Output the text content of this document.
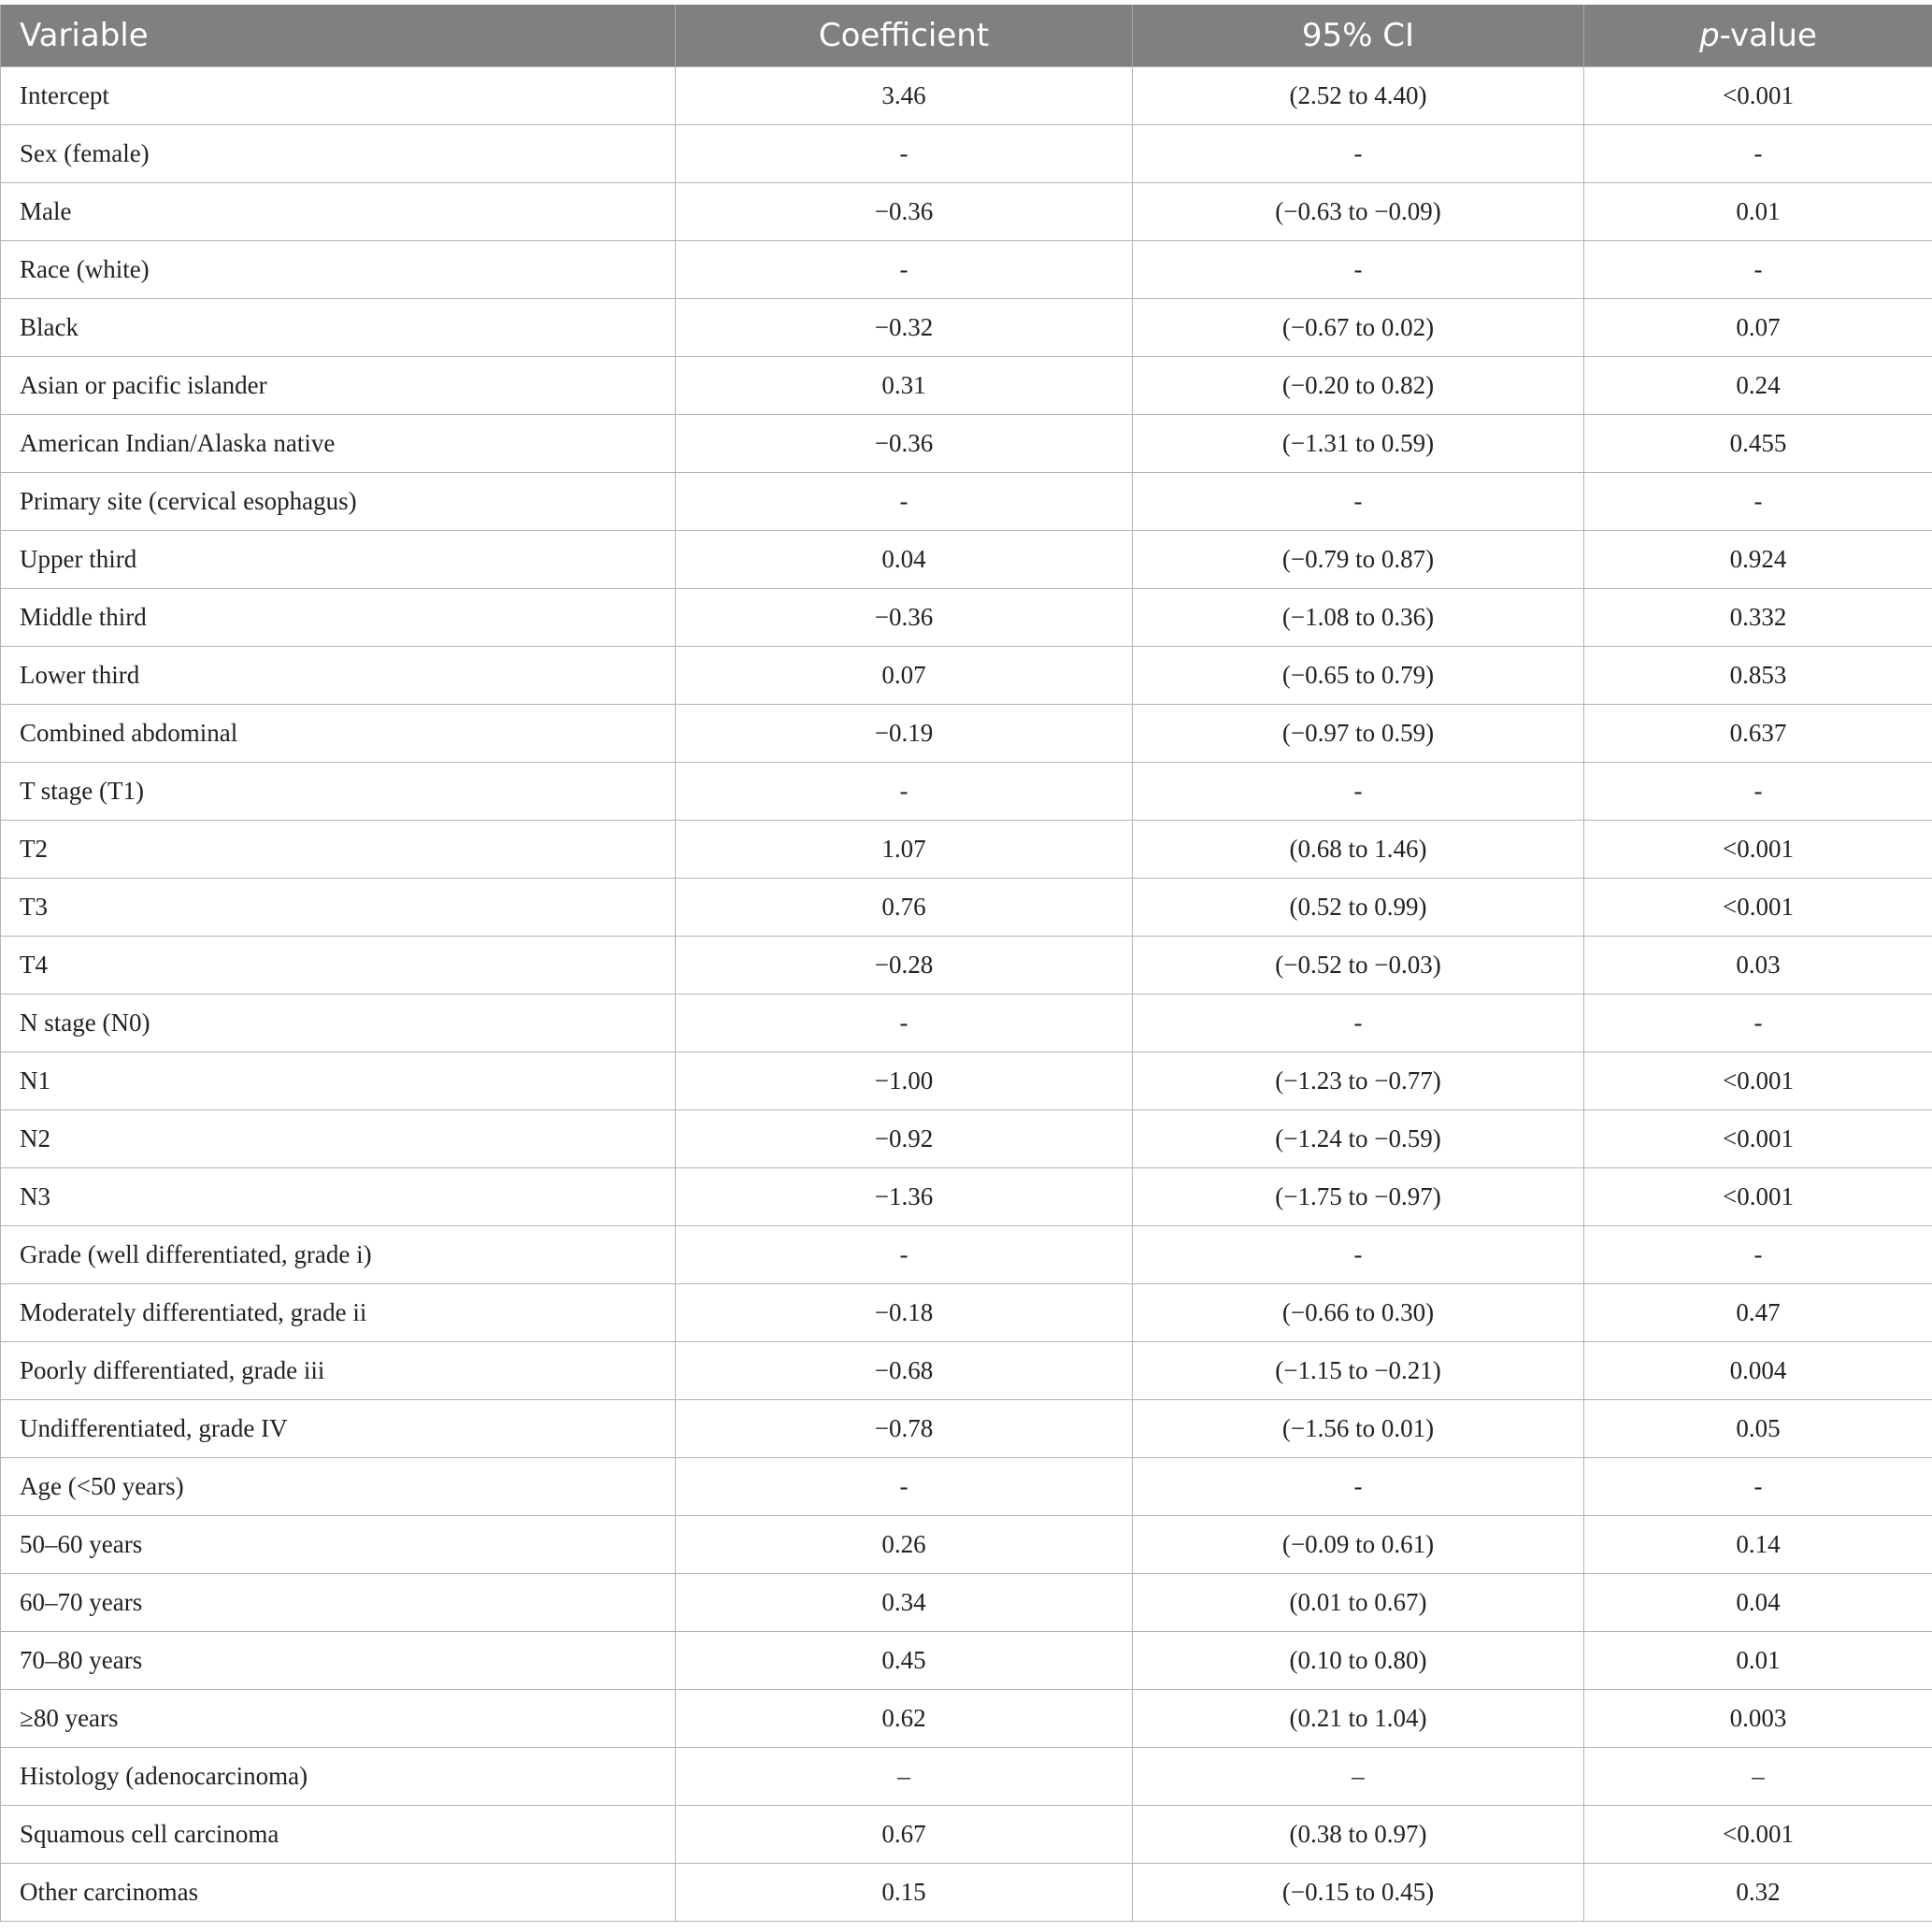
Variable	Coefficient	95% CI	p-value
Intercept	3.46	(2.52 to 4.40)	<0.001
Sex (female)	-	-	-
Male	−0.36	(−0.63 to −0.09)	0.01
Race (white)	-	-	-
Black	−0.32	(−0.67 to 0.02)	0.07
Asian or pacific islander	0.31	(−0.20 to 0.82)	0.24
American Indian/Alaska native	−0.36	(−1.31 to 0.59)	0.455
Primary site (cervical esophagus)	-	-	-
Upper third	0.04	(−0.79 to 0.87)	0.924
Middle third	−0.36	(−1.08 to 0.36)	0.332
Lower third	0.07	(−0.65 to 0.79)	0.853
Combined abdominal	−0.19	(−0.97 to 0.59)	0.637
T stage (T1)	-	-	-
T2	1.07	(0.68 to 1.46)	<0.001
T3	0.76	(0.52 to 0.99)	<0.001
T4	−0.28	(−0.52 to −0.03)	0.03
N stage (N0)	-	-	-
N1	−1.00	(−1.23 to −0.77)	<0.001
N2	−0.92	(−1.24 to −0.59)	<0.001
N3	−1.36	(−1.75 to −0.97)	<0.001
Grade (well differentiated, grade i)	-	-	-
Moderately differentiated, grade ii	−0.18	(−0.66 to 0.30)	0.47
Poorly differentiated, grade iii	−0.68	(−1.15 to −0.21)	0.004
Undifferentiated, grade IV	−0.78	(−1.56 to 0.01)	0.05
Age (<50 years)	-	-	-
50–60 years	0.26	(−0.09 to 0.61)	0.14
60–70 years	0.34	(0.01 to 0.67)	0.04
70–80 years	0.45	(0.10 to 0.80)	0.01
≥80 years	0.62	(0.21 to 1.04)	0.003
Histology (adenocarcinoma)	–	–	–
Squamous cell carcinoma	0.67	(0.38 to 0.97)	<0.001
Other carcinomas	0.15	(−0.15 to 0.45)	0.32
